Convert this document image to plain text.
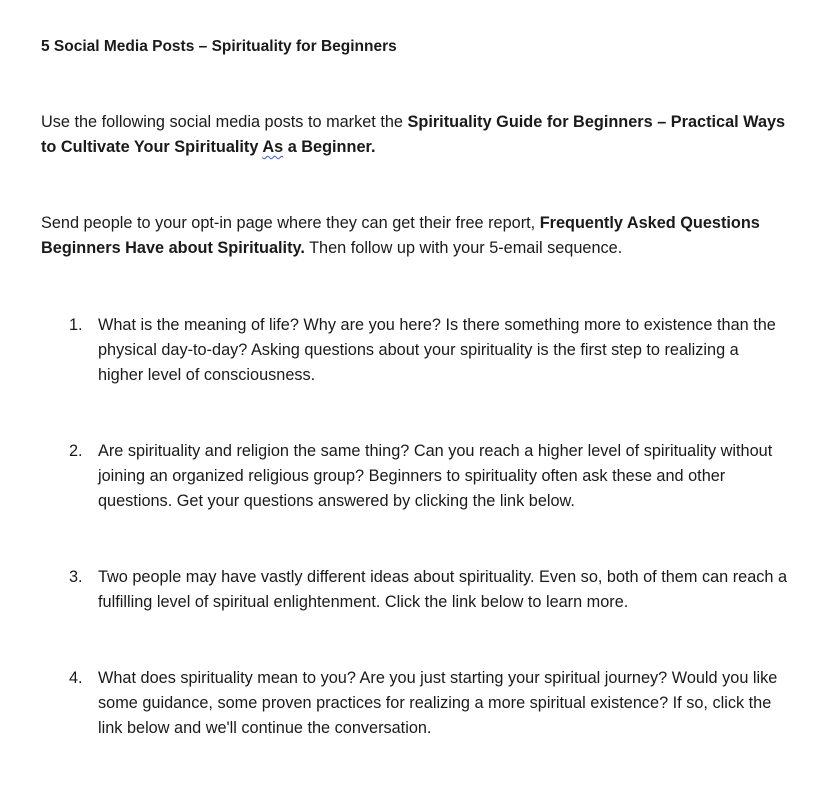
5 Social Media Posts – Spirituality for Beginners

Use the following social media posts to market the Spirituality Guide for Beginners – Practical Ways to Cultivate Your Spirituality As a Beginner.

Send people to your opt-in page where they can get their free report, Frequently Asked Questions Beginners Have about Spirituality. Then follow up with your 5-email sequence.

1. What is the meaning of life? Why are you here? Is there something more to existence than the physical day-to-day? Asking questions about your spirituality is the first step to realizing a higher level of consciousness.
2. Are spirituality and religion the same thing? Can you reach a higher level of spirituality without joining an organized religious group? Beginners to spirituality often ask these and other questions. Get your questions answered by clicking the link below.
3. Two people may have vastly different ideas about spirituality. Even so, both of them can reach a fulfilling level of spiritual enlightenment. Click the link below to learn more.
4. What does spirituality mean to you? Are you just starting your spiritual journey? Would you like some guidance, some proven practices for realizing a more spiritual existence? If so, click the link below and we'll continue the conversation.
